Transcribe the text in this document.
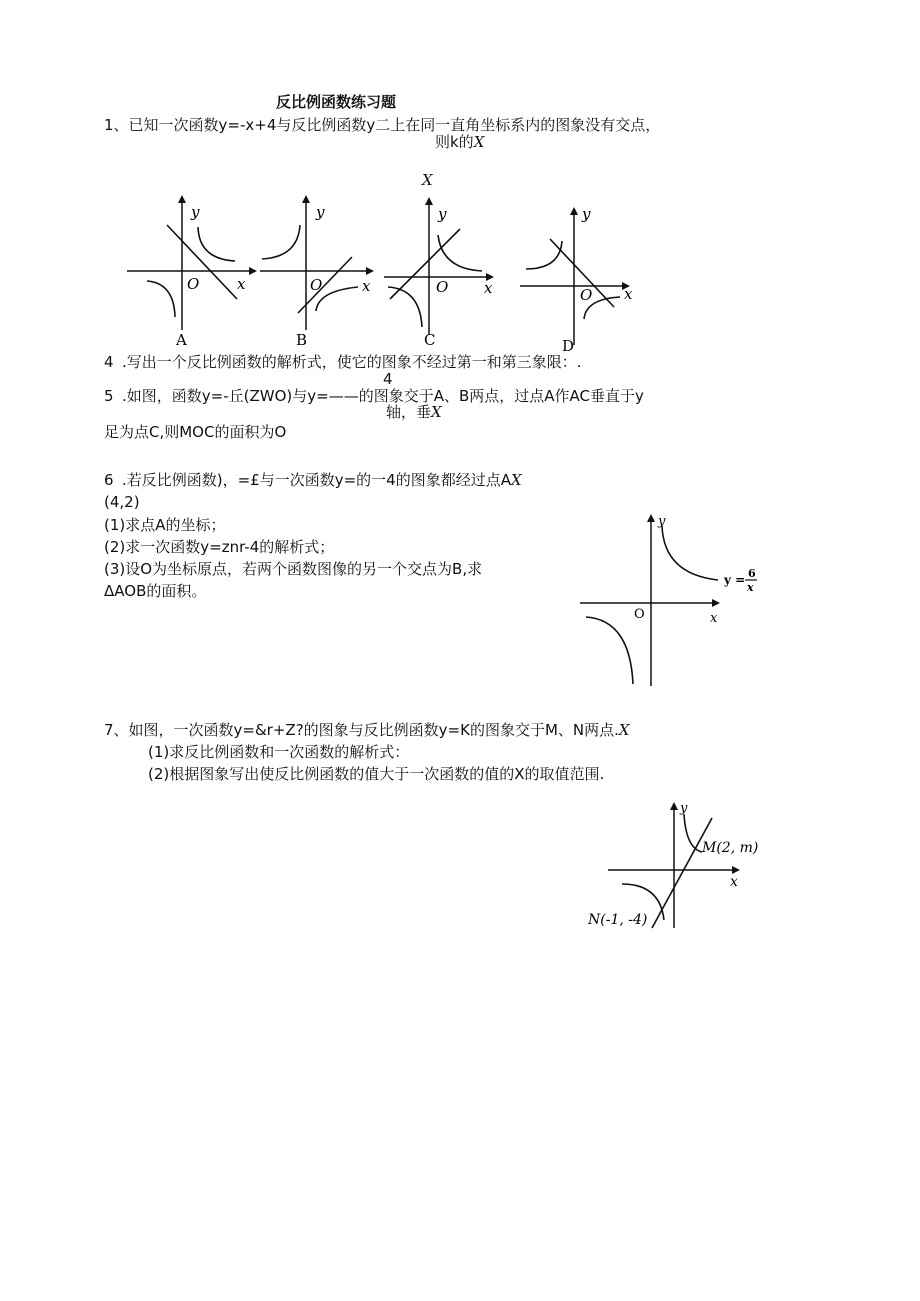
反比例函数练习题
1、已知一次函数y=-x+4与反比例函数y二上在同一直角坐标系内的图象没有交点，
则k的X
X
y
x
O
A
y
x
O
B
y
x
O
C
y
x
O
D
4 .写出一个反比例函数的解析式，使它的图象不经过第一和第三象限：.
4
5 .如图，函数y=-丘(ZWO)与y=——的图象交于A、B两点，过点A作AC垂直于y
轴，垂X
足为点C,则MOC的面积为O
6 .若反比例函数)，=£与一次函数y=的一4的图象都经过点AX
(4,2)
(1)求点A的坐标；
(2)求一次函数y=znr-4的解析式；
(3)设O为坐标原点，若两个函数图像的另一个交点为B,求
ΔAOB的面积。
y
x
O
y = 6
x
7、如图，一次函数y=&r+Z?的图象与反比例函数y=K的图象交于M、N两点.X
(1)求反比例函数和一次函数的解析式：
(2)根据图象写出使反比例函数的值大于一次函数的值的X的取值范围.
y
x
M(2, m)
N(-1, -4)
